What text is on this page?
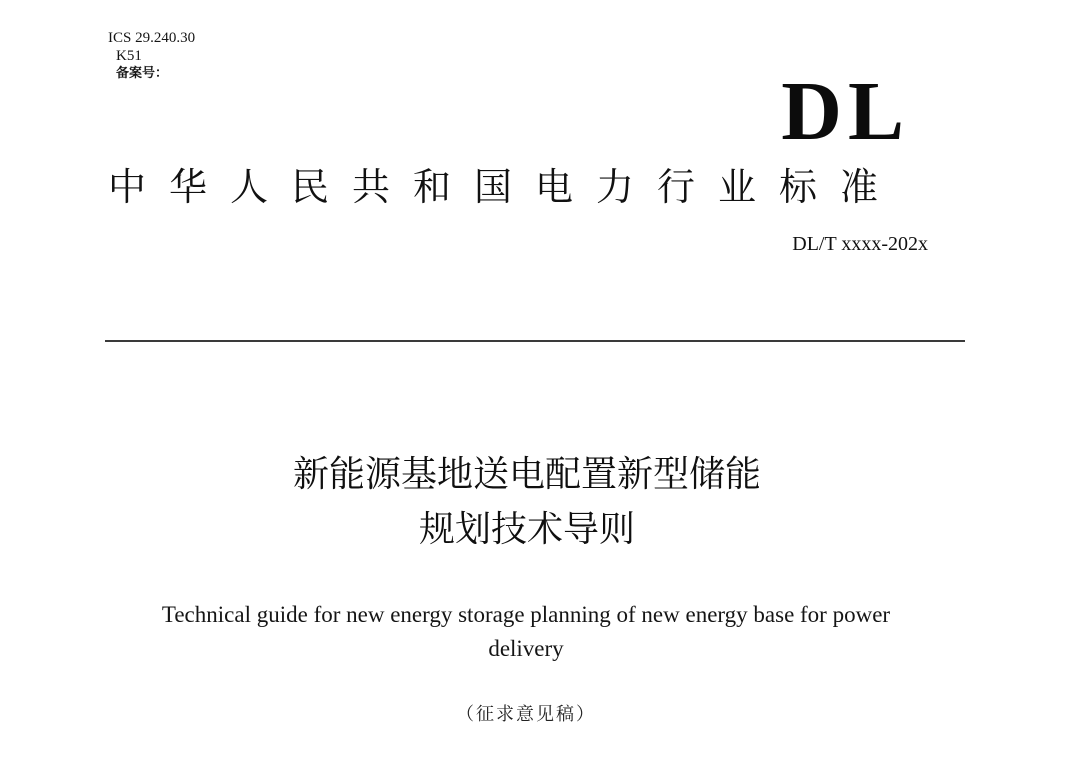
ICS 29.240.30
K51
备案号：	DL
中华人民共和国电力行业标准
DL/T xxxx-202x
新能源基地送电配置新型储能
规划技术导则
Technical guide for new energy storage planning of new energy base for power
delivery
（征求意见稿）
